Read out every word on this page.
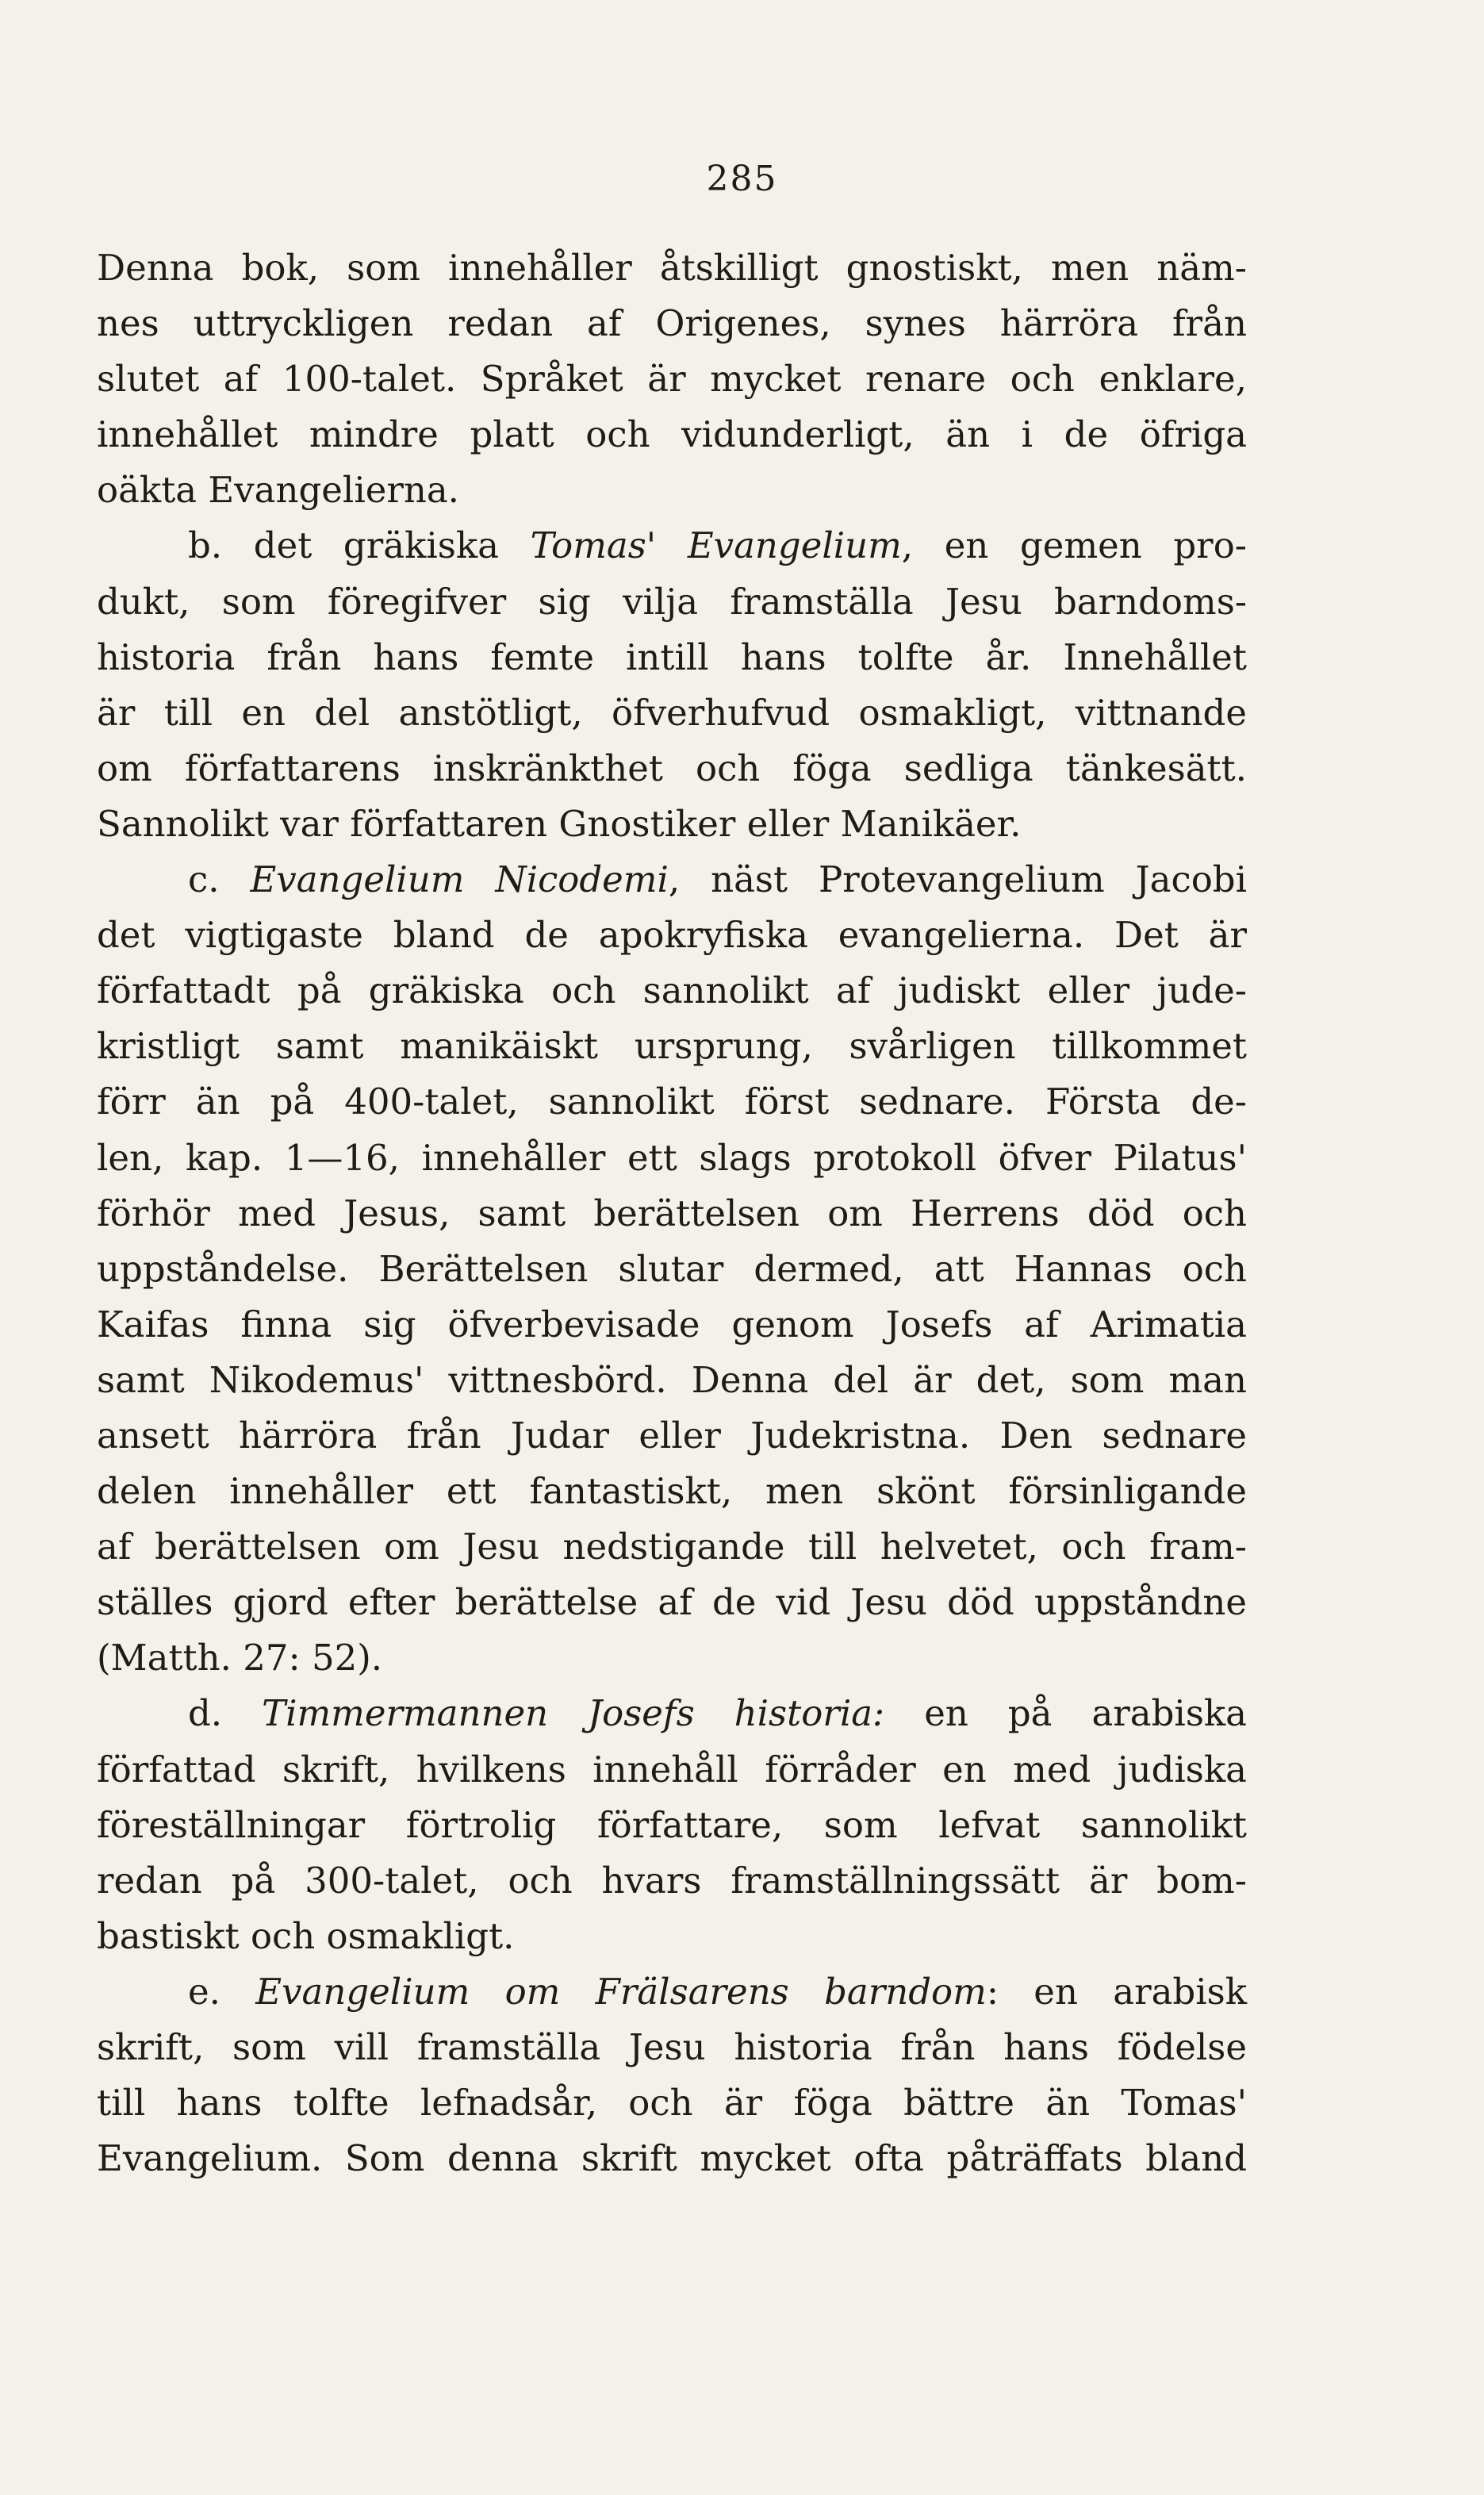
285
Denna bok, som innehåller åtskilligt gnostiskt, men näm-
nes uttryckligen redan af Origenes, synes härröra från
slutet af 100-talet. Språket är mycket renare och enklare,
innehållet mindre platt och vidunderligt, än i de öfriga
oäkta Evangelierna.
b. det gräkiska Tomas' Evangelium, en gemen pro-
dukt, som föregifver sig vilja framställa Jesu barndoms-
historia från hans femte intill hans tolfte år. Innehållet
är till en del anstötligt, öfverhufvud osmakligt, vittnande
om författarens inskränkthet och föga sedliga tänkesätt.
Sannolikt var författaren Gnostiker eller Manikäer.
c. Evangelium Nicodemi, näst Protevangelium Jacobi
det vigtigaste bland de apokryfiska evangelierna. Det är
författadt på gräkiska och sannolikt af judiskt eller jude-
kristligt samt manikäiskt ursprung, svårligen tillkommet
förr än på 400-talet, sannolikt först sednare. Första de-
len, kap. 1—16, innehåller ett slags protokoll öfver Pilatus'
förhör med Jesus, samt berättelsen om Herrens död och
uppståndelse. Berättelsen slutar dermed, att Hannas och
Kaifas finna sig öfverbevisade genom Josefs af Arimatia
samt Nikodemus' vittnesbörd. Denna del är det, som man
ansett härröra från Judar eller Judekristna. Den sednare
delen innehåller ett fantastiskt, men skönt försinligande
af berättelsen om Jesu nedstigande till helvetet, och fram-
ställes gjord efter berättelse af de vid Jesu död uppståndne
(Matth. 27: 52).
d. Timmermannen Josefs historia: en på arabiska
författad skrift, hvilkens innehåll förråder en med judiska
föreställningar förtrolig författare, som lefvat sannolikt
redan på 300-talet, och hvars framställningssätt är bom-
bastiskt och osmakligt.
e. Evangelium om Frälsarens barndom: en arabisk
skrift, som vill framställa Jesu historia från hans födelse
till hans tolfte lefnadsår, och är föga bättre än Tomas'
Evangelium. Som denna skrift mycket ofta påträffats bland
